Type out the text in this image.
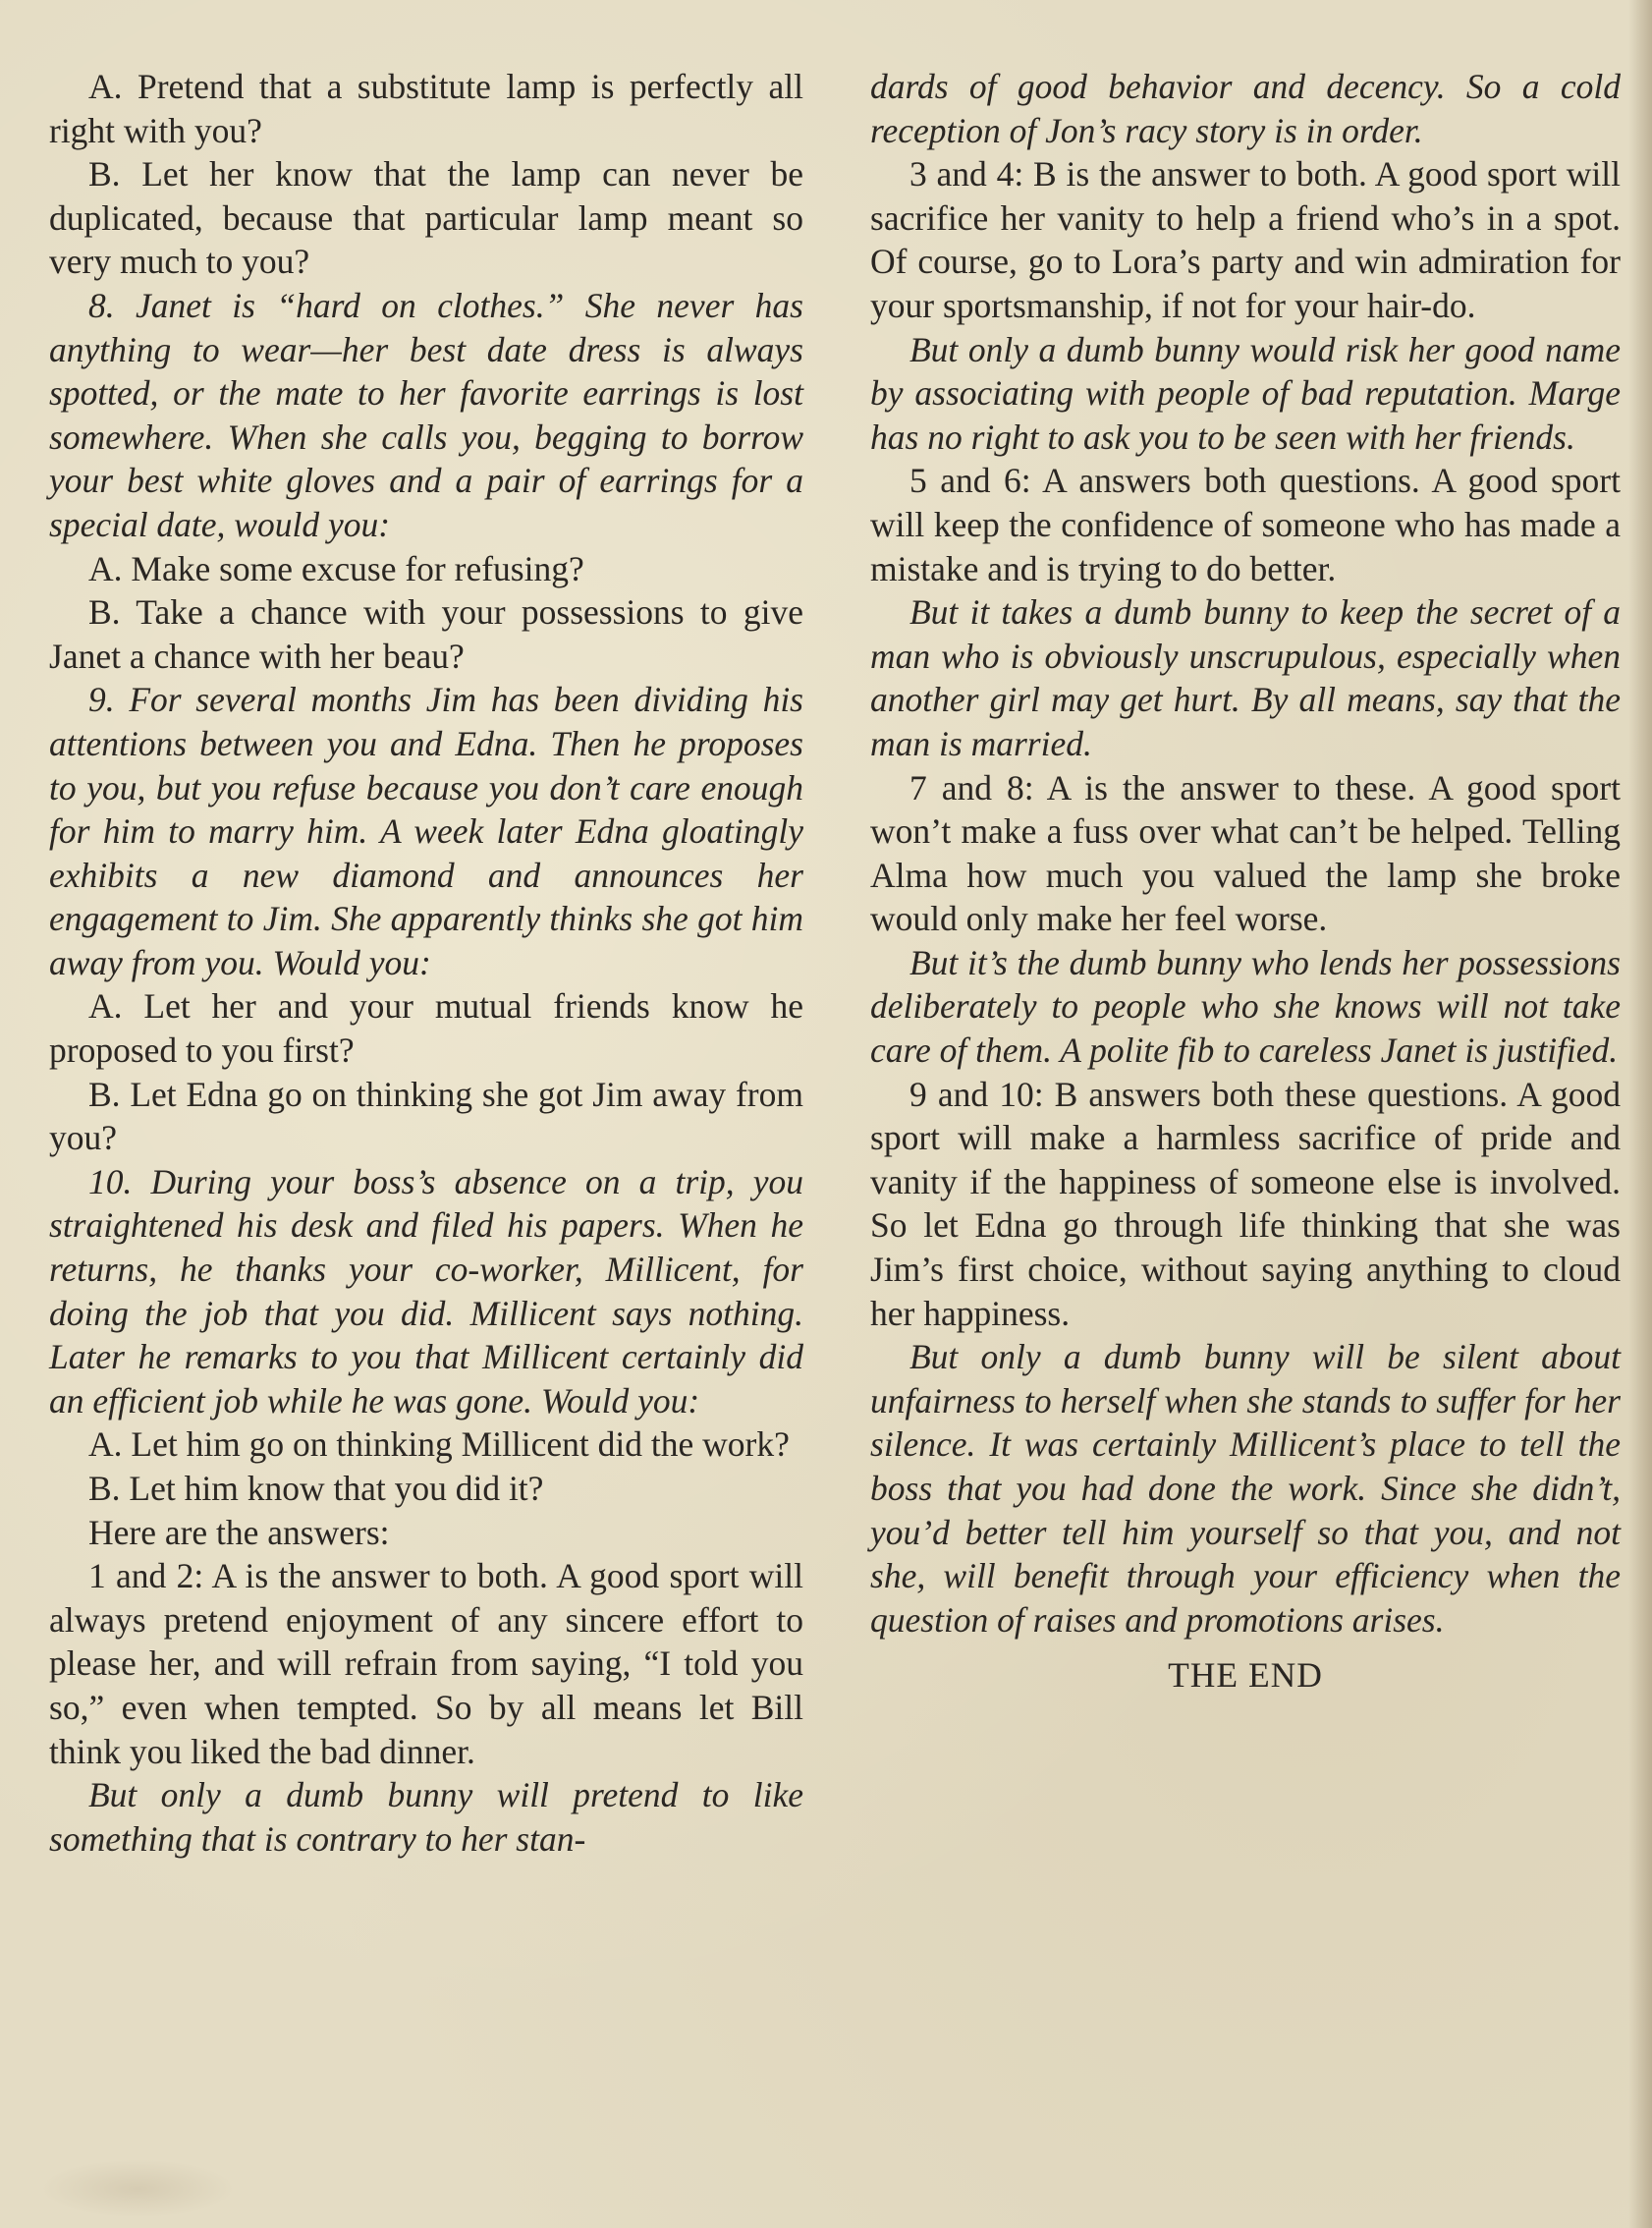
A. Pretend that a substitute lamp is perfectly all right with you?

B. Let her know that the lamp can never be duplicated, because that particular lamp meant so very much to you?

8. Janet is “hard on clothes.” She never has anything to wear—her best date dress is always spotted, or the mate to her favorite earrings is lost somewhere. When she calls you, begging to borrow your best white gloves and a pair of earrings for a special date, would you:

A. Make some excuse for refusing?

B. Take a chance with your possessions to give Janet a chance with her beau?

9. For several months Jim has been dividing his attentions between you and Edna. Then he proposes to you, but you refuse because you don’t care enough for him to marry him. A week later Edna gloatingly exhibits a new diamond and announces her engagement to Jim. She apparently thinks she got him away from you. Would you:

A. Let her and your mutual friends know he proposed to you first?

B. Let Edna go on thinking she got Jim away from you?

10. During your boss’s absence on a trip, you straightened his desk and filed his papers. When he returns, he thanks your co-worker, Millicent, for doing the job that you did. Millicent says nothing. Later he remarks to you that Millicent certainly did an efficient job while he was gone. Would you:

A. Let him go on thinking Millicent did the work?

B. Let him know that you did it?

Here are the answers:

1 and 2: A is the answer to both. A good sport will always pretend enjoyment of any sincere effort to please her, and will refrain from saying, “I told you so,” even when tempted. So by all means let Bill think you liked the bad dinner.

But only a dumb bunny will pretend to like something that is contrary to her stan-

dards of good behavior and decency. So a cold reception of Jon’s racy story is in order.

3 and 4: B is the answer to both. A good sport will sacrifice her vanity to help a friend who’s in a spot. Of course, go to Lora’s party and win admiration for your sportsmanship, if not for your hair-do.

But only a dumb bunny would risk her good name by associating with people of bad reputation. Marge has no right to ask you to be seen with her friends.

5 and 6: A answers both questions. A good sport will keep the confidence of someone who has made a mistake and is trying to do better.

But it takes a dumb bunny to keep the secret of a man who is obviously unscrupulous, especially when another girl may get hurt. By all means, say that the man is married.

7 and 8: A is the answer to these. A good sport won’t make a fuss over what can’t be helped. Telling Alma how much you valued the lamp she broke would only make her feel worse.

But it’s the dumb bunny who lends her possessions deliberately to people who she knows will not take care of them. A polite fib to careless Janet is justified.

9 and 10: B answers both these questions. A good sport will make a harmless sacrifice of pride and vanity if the happiness of someone else is involved. So let Edna go through life thinking that she was Jim’s first choice, without saying anything to cloud her happiness.

But only a dumb bunny will be silent about unfairness to herself when she stands to suffer for her silence. It was certainly Millicent’s place to tell the boss that you had done the work. Since she didn’t, you’d better tell him yourself so that you, and not she, will benefit through your efficiency when the question of raises and promotions arises.

THE END
